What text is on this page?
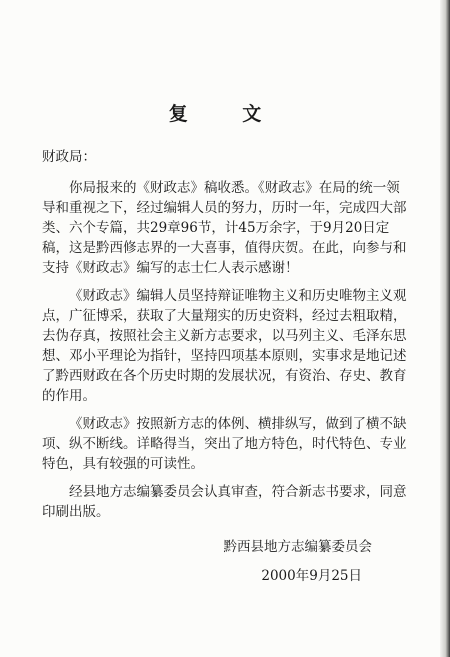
复 文
财政局：

你局报来的《财政志》稿收悉。《财政志》在局的统一领导和重视之下，经过编辑人员的努力，历时一年，完成四大部类、六个专篇，共29章96节，计45万余字，于9月20日定稿，这是黔西修志界的一大喜事，值得庆贺。在此，向参与和支持《财政志》编写的志士仁人表示感谢！

《财政志》编辑人员坚持辩证唯物主义和历史唯物主义观点，广征博采，获取了大量翔实的历史资料，经过去粗取精，去伪存真，按照社会主义新方志要求，以马列主义、毛泽东思想、邓小平理论为指针，坚持四项基本原则，实事求是地记述了黔西财政在各个历史时期的发展状况，有资治、存史、教育的作用。

《财政志》按照新方志的体例、横排纵写，做到了横不缺项、纵不断线。详略得当，突出了地方特色，时代特色、专业特色，具有较强的可读性。

经县地方志编纂委员会认真审查，符合新志书要求，同意印刷出版。

黔西县地方志编纂委员会
2000年9月25日
